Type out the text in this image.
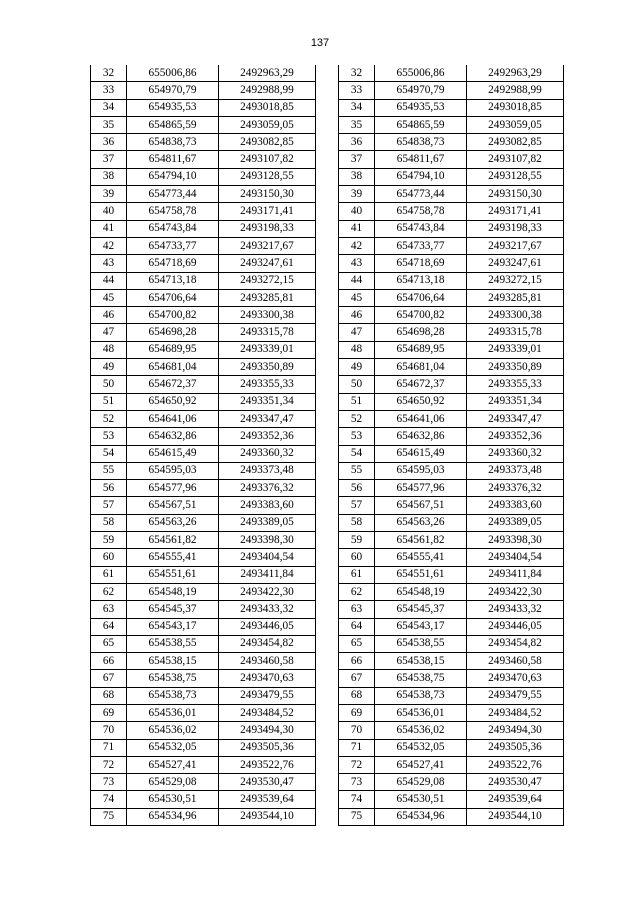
137
32	655006,86	2492963,29
33	654970,79	2492988,99
34	654935,53	2493018,85
35	654865,59	2493059,05
36	654838,73	2493082,85
37	654811,67	2493107,82
38	654794,10	2493128,55
39	654773,44	2493150,30
40	654758,78	2493171,41
41	654743,84	2493198,33
42	654733,77	2493217,67
43	654718,69	2493247,61
44	654713,18	2493272,15
45	654706,64	2493285,81
46	654700,82	2493300,38
47	654698,28	2493315,78
48	654689,95	2493339,01
49	654681,04	2493350,89
50	654672,37	2493355,33
51	654650,92	2493351,34
52	654641,06	2493347,47
53	654632,86	2493352,36
54	654615,49	2493360,32
55	654595,03	2493373,48
56	654577,96	2493376,32
57	654567,51	2493383,60
58	654563,26	2493389,05
59	654561,82	2493398,30
60	654555,41	2493404,54
61	654551,61	2493411,84
62	654548,19	2493422,30
63	654545,37	2493433,32
64	654543,17	2493446,05
65	654538,55	2493454,82
66	654538,15	2493460,58
67	654538,75	2493470,63
68	654538,73	2493479,55
69	654536,01	2493484,52
70	654536,02	2493494,30
71	654532,05	2493505,36
72	654527,41	2493522,76
73	654529,08	2493530,47
74	654530,51	2493539,64
75	654534,96	2493544,10
32	655006,86	2492963,29
33	654970,79	2492988,99
34	654935,53	2493018,85
35	654865,59	2493059,05
36	654838,73	2493082,85
37	654811,67	2493107,82
38	654794,10	2493128,55
39	654773,44	2493150,30
40	654758,78	2493171,41
41	654743,84	2493198,33
42	654733,77	2493217,67
43	654718,69	2493247,61
44	654713,18	2493272,15
45	654706,64	2493285,81
46	654700,82	2493300,38
47	654698,28	2493315,78
48	654689,95	2493339,01
49	654681,04	2493350,89
50	654672,37	2493355,33
51	654650,92	2493351,34
52	654641,06	2493347,47
53	654632,86	2493352,36
54	654615,49	2493360,32
55	654595,03	2493373,48
56	654577,96	2493376,32
57	654567,51	2493383,60
58	654563,26	2493389,05
59	654561,82	2493398,30
60	654555,41	2493404,54
61	654551,61	2493411,84
62	654548,19	2493422,30
63	654545,37	2493433,32
64	654543,17	2493446,05
65	654538,55	2493454,82
66	654538,15	2493460,58
67	654538,75	2493470,63
68	654538,73	2493479,55
69	654536,01	2493484,52
70	654536,02	2493494,30
71	654532,05	2493505,36
72	654527,41	2493522,76
73	654529,08	2493530,47
74	654530,51	2493539,64
75	654534,96	2493544,10
